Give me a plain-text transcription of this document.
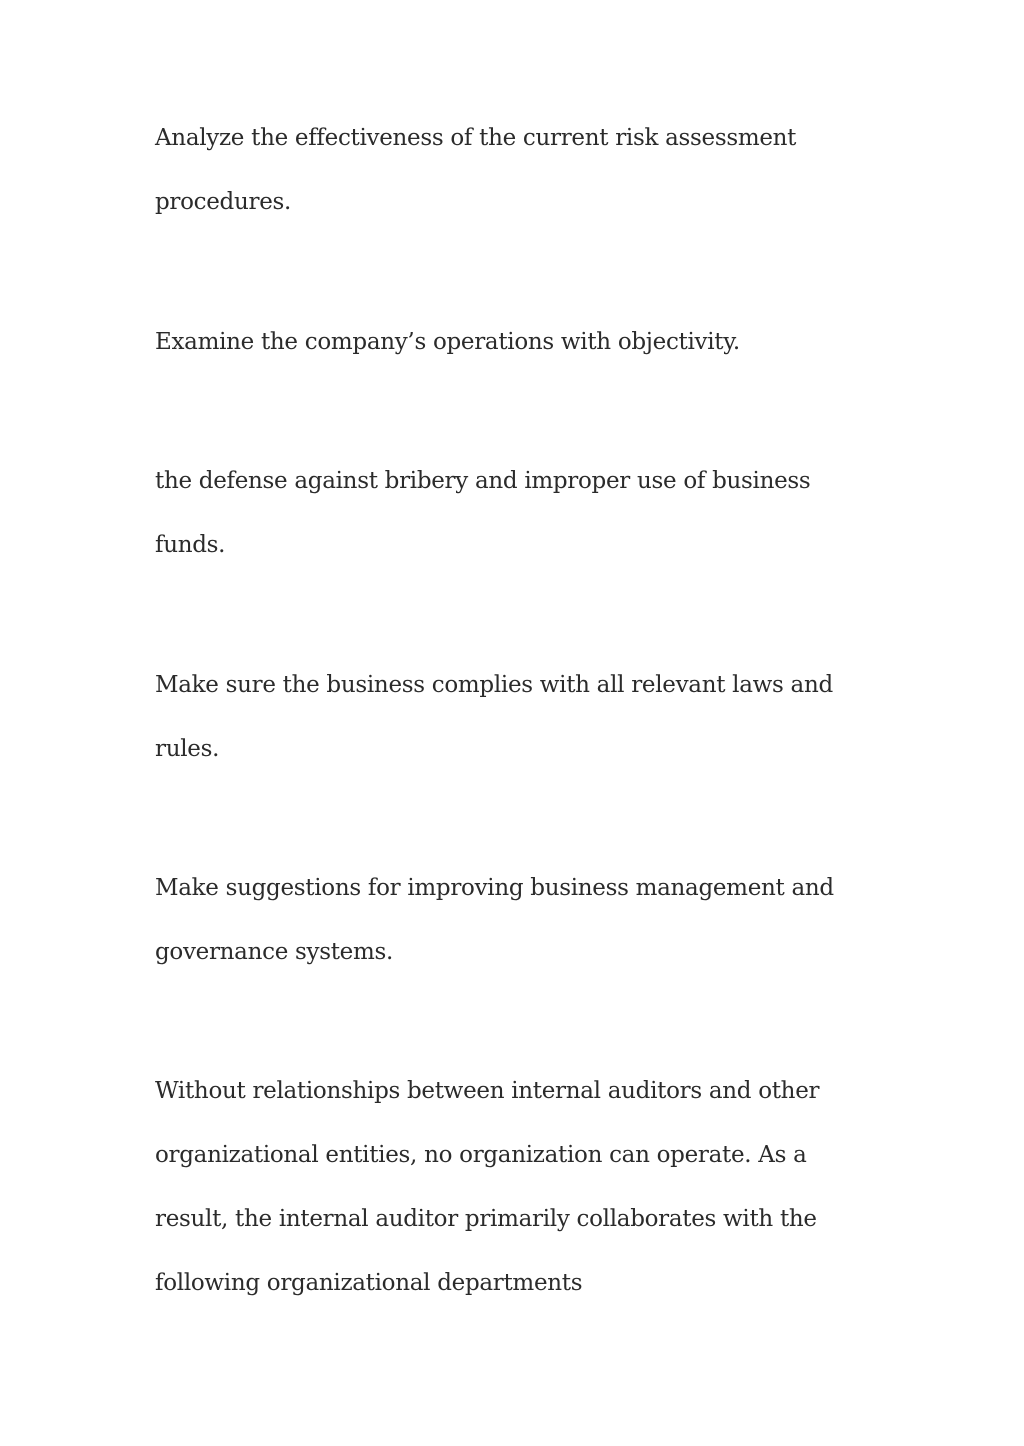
Analyze the effectiveness of the current risk assessment procedures.

Examine the company’s operations with objectivity.

the defense against bribery and improper use of business funds.

Make sure the business complies with all relevant laws and rules.

Make suggestions for improving business management and governance systems.

Without relationships between internal auditors and other organizational entities, no organization can operate. As a result, the internal auditor primarily collaborates with the following organizational departments
